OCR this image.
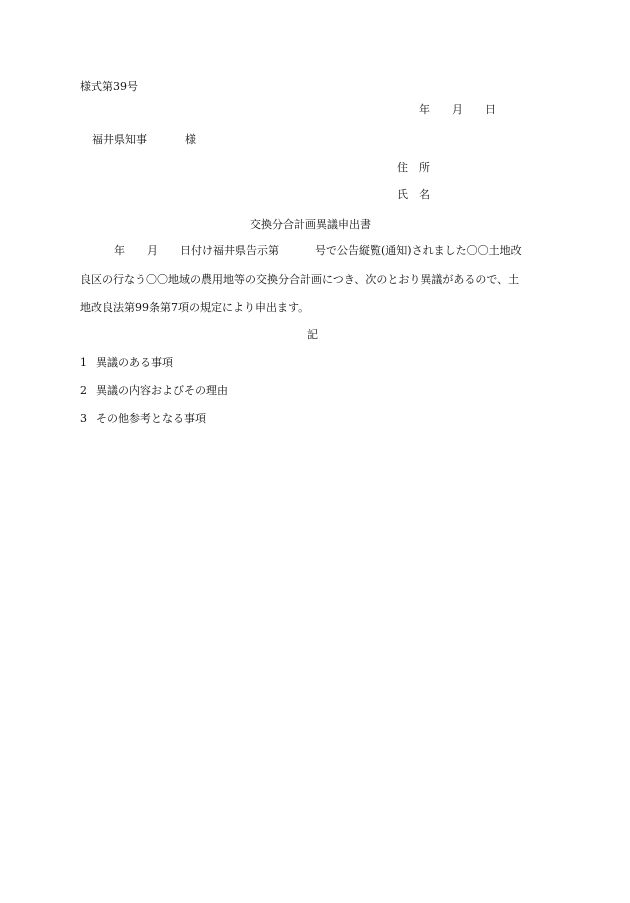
様式第39号
年 月 日
福井県知事	様
住　所
氏　名
交換分合計画異議申出書
年 月 日付け福井県告示第	号で公告縦覧(通知)されました〇〇土地改
良区の行なう〇〇地域の農用地等の交換分合計画につき、次のとおり異議があるので、土
地改良法第99条第7項の規定により申出ます。
記
1 異議のある事項
2 異議の内容およびその理由
3 その他参考となる事項
